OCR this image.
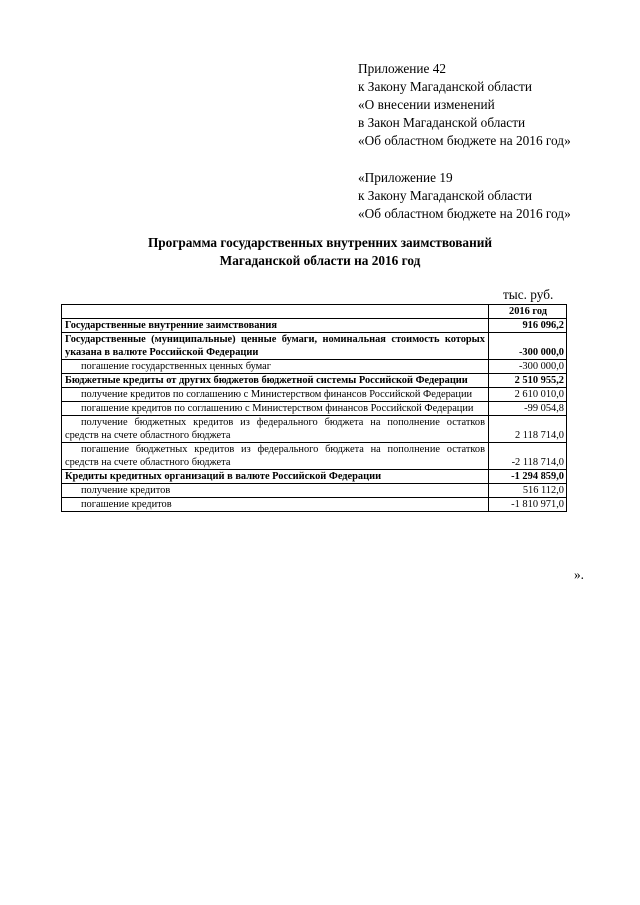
Приложение 42
к Закону Магаданской области
«О внесении изменений
в Закон Магаданской области
«Об областном бюджете на 2016 год»
«Приложение 19
к Закону Магаданской области
«Об областном бюджете на 2016 год»
Программа государственных внутренних заимствований
Магаданской области на 2016 год
тыс. руб.
	2016 год
Государственные внутренние заимствования	916 096,2
Государственные (муниципальные) ценные бумаги, номинальная стоимость которых указана в валюте Российской Федерации	-300 000,0
погашение государственных ценных бумаг	-300 000,0
Бюджетные кредиты от других бюджетов бюджетной системы Российской Федерации	2 510 955,2
получение кредитов по соглашению с Министерством финансов Российской Федерации	2 610 010,0
погашение кредитов по соглашению с Министерством финансов Российской Федерации	-99 054,8
получение бюджетных кредитов из федерального бюджета на пополнение остатков средств на счете областного бюджета	2 118 714,0
погашение бюджетных кредитов из федерального бюджета на пополнение остатков средств на счете областного бюджета	-2 118 714,0
Кредиты кредитных организаций в валюте Российской Федерации	-1 294 859,0
получение кредитов	516 112,0
погашение кредитов	-1 810 971,0
».
